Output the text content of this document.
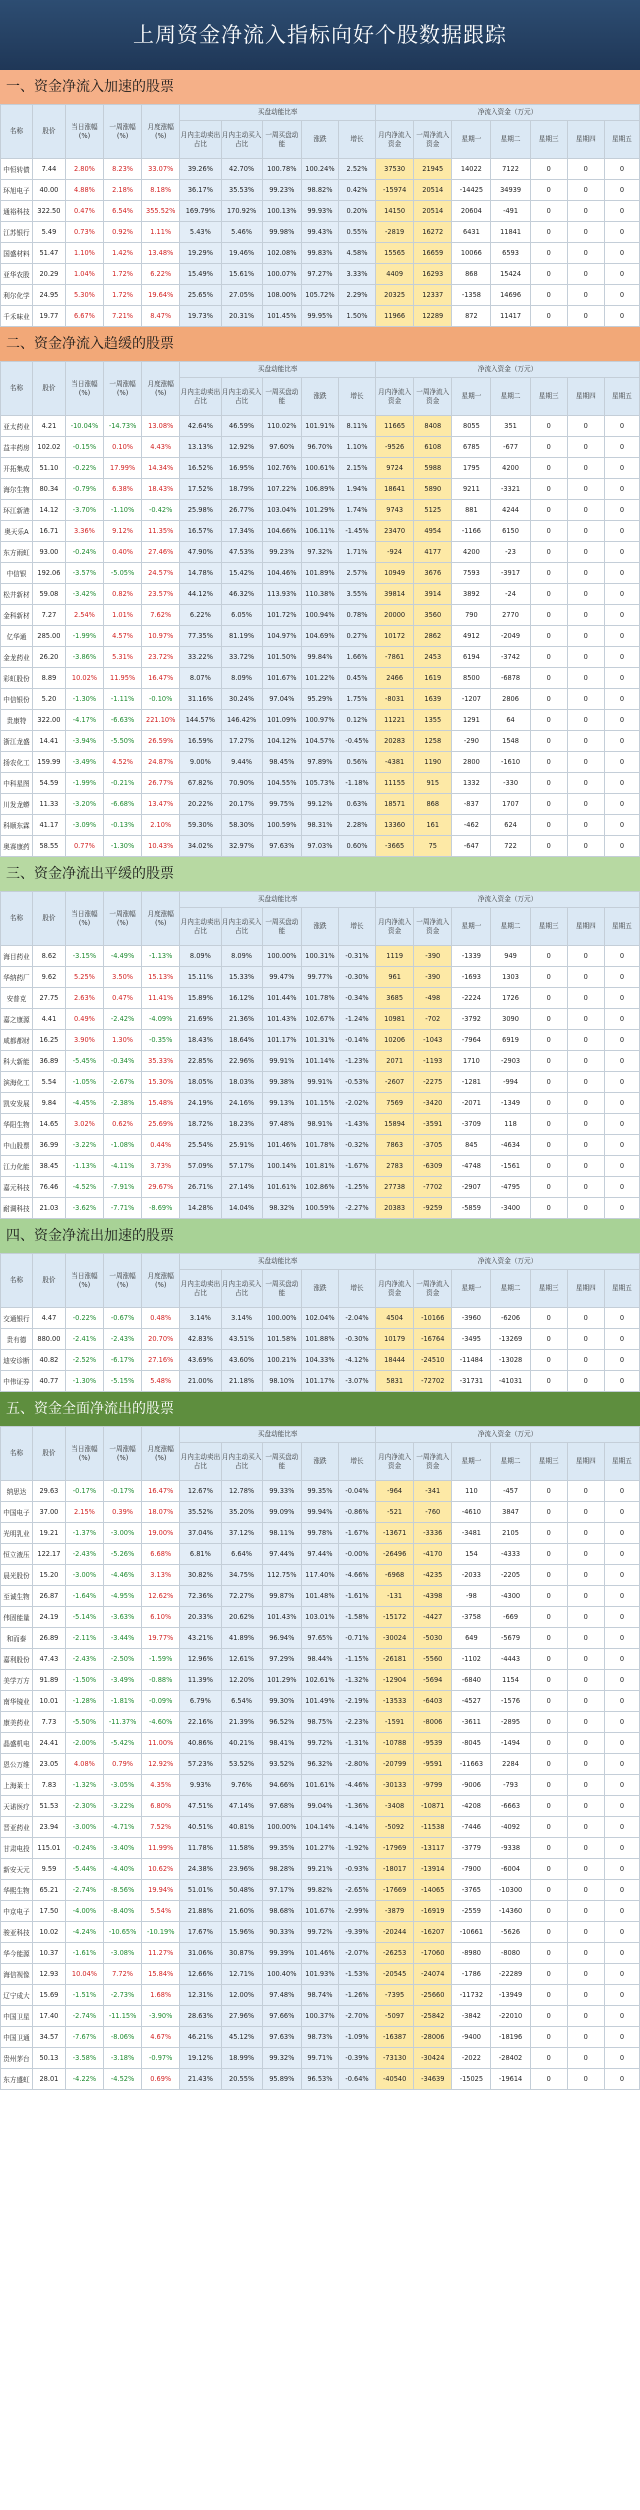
上周资金净流入指标向好个股数据跟踪
一、资金净流入加速的股票
名称	股价	当日涨幅(%)	一周涨幅(%)	月度涨幅(%)	买盘动能比率					净流入资金（万元）						
					月内主动卖出占比	月内主动买入占比	一周买盘动能	涨跌	增长	月内净流入资金	一周净流入资金	星期一	星期二	星期三	星期四	星期五
中恒转债	7.44	2.80%	8.23%	33.07%	39.26%	42.70%	100.78%	100.24%	2.52%	37530	21945	14022	7122	0	0	0
环旭电子	40.00	4.88%	2.18%	8.18%	36.17%	35.53%	99.23%	98.82%	0.42%	-15974	20514	-14425	34939	0	0	0
通裕科技	322.50	0.47%	6.54%	355.52%	169.79%	170.92%	100.13%	99.93%	0.20%	14150	20514	20604	-491	0	0	0
江苏银行	5.49	0.73%	0.92%	1.11%	5.43%	5.46%	99.98%	99.43%	0.55%	-2819	16272	6431	11841	0	0	0
国盛材料	51.47	1.10%	1.42%	13.48%	19.29%	19.46%	102.08%	99.83%	4.58%	15565	16659	10066	6593	0	0	0
亚华农股	20.29	1.04%	1.72%	6.22%	15.49%	15.61%	100.07%	97.27%	3.33%	4409	16293	868	15424	0	0	0
利尔化学	24.95	5.30%	1.72%	19.64%	25.65%	27.05%	108.00%	105.72%	2.29%	20325	12337	-1358	14696	0	0	0
千禾味业	19.77	6.67%	7.21%	8.47%	19.73%	20.31%	101.45%	99.95%	1.50%	11966	12289	872	11417	0	0	0
二、资金净流入趋缓的股票
名称	股价	当日涨幅(%)	一周涨幅(%)	月度涨幅(%)	买盘动能比率					净流入资金（万元）						
					月内主动卖出占比	月内主动买入占比	一周买盘动能	涨跌	增长	月内净流入资金	一周净流入资金	星期一	星期二	星期三	星期四	星期五
亚太药业	4.21	-10.04%	-14.73%	13.08%	42.64%	46.59%	110.02%	101.91%	8.11%	11665	8408	8055	351	0	0	0
益丰药房	102.02	-0.15%	0.10%	4.43%	13.13%	12.92%	97.60%	96.70%	1.10%	-9526	6108	6785	-677	0	0	0
开拓集成	51.10	-0.22%	17.99%	14.34%	16.52%	16.95%	102.76%	100.61%	2.15%	9724	5988	1795	4200	0	0	0
海尔生物	80.34	-0.79%	6.38%	18.43%	17.52%	18.79%	107.22%	106.89%	1.94%	18641	5890	9211	-3321	0	0	0
环江新港	14.12	-3.70%	-1.10%	-0.42%	25.98%	26.77%	103.04%	101.29%	1.74%	9743	5125	881	4244	0	0	0
奥天乐A	16.71	3.36%	9.12%	11.35%	16.57%	17.34%	104.66%	106.11%	-1.45%	23470	4954	-1166	6150	0	0	0
东方雨虹	93.00	-0.24%	0.40%	27.46%	47.90%	47.53%	99.23%	97.32%	1.71%	-924	4177	4200	-23	0	0	0
中信银	192.06	-3.57%	-5.05%	24.57%	14.78%	15.42%	104.46%	101.89%	2.57%	10949	3676	7593	-3917	0	0	0
松井新材	59.08	-3.42%	0.82%	23.57%	44.12%	46.32%	113.93%	110.38%	3.55%	39814	3914	3892	-24	0	0	0
金科新材	7.27	2.54%	1.01%	7.62%	6.22%	6.05%	101.72%	100.94%	0.78%	20000	3560	790	2770	0	0	0
亿华通	285.00	-1.99%	4.57%	10.97%	77.35%	81.19%	104.97%	104.69%	0.27%	10172	2862	4912	-2049	0	0	0
金龙药业	26.20	-3.86%	5.31%	23.72%	33.22%	33.72%	101.50%	99.84%	1.66%	-7861	2453	6194	-3742	0	0	0
彩虹股份	8.89	10.02%	11.95%	16.47%	8.07%	8.09%	101.67%	101.22%	0.45%	2466	1619	8500	-6878	0	0	0
中信银份	5.20	-1.30%	-1.11%	-0.10%	31.16%	30.24%	97.04%	95.29%	1.75%	-8031	1639	-1207	2806	0	0	0
贵康特	322.00	-4.17%	-6.63%	221.10%	144.57%	146.42%	101.09%	100.97%	0.12%	11221	1355	1291	64	0	0	0
浙江龙盛	14.41	-3.94%	-5.50%	26.59%	16.59%	17.27%	104.12%	104.57%	-0.45%	20283	1258	-290	1548	0	0	0
扬农化工	159.99	-3.49%	4.52%	24.87%	9.00%	9.44%	98.45%	97.89%	0.56%	-4381	1190	2800	-1610	0	0	0
中科星图	54.59	-1.99%	-0.21%	26.77%	67.82%	70.90%	104.55%	105.73%	-1.18%	11155	915	1332	-330	0	0	0
川发龙蟒	11.33	-3.20%	-6.68%	13.47%	20.22%	20.17%	99.75%	99.12%	0.63%	18571	868	-837	1707	0	0	0
科顺东霖	41.17	-3.09%	-0.13%	2.10%	59.30%	58.30%	100.59%	98.31%	2.28%	13360	161	-462	624	0	0	0
奥赛康药	58.55	0.77%	-1.30%	10.43%	34.02%	32.97%	97.63%	97.03%	0.60%	-3665	75	-647	722	0	0	0
三、资金净流出平缓的股票
名称	股价	当日涨幅(%)	一周涨幅(%)	月度涨幅(%)	买盘动能比率					净流入资金（万元）						
					月内主动卖出占比	月内主动买入占比	一周买盘动能	涨跌	增长	月内净流入资金	一周净流入资金	星期一	星期二	星期三	星期四	星期五
海目药业	8.62	-3.15%	-4.49%	-1.13%	8.09%	8.09%	100.00%	100.31%	-0.31%	1119	-390	-1339	949	0	0	0
华纳药厂	9.62	5.25%	3.50%	15.13%	15.11%	15.33%	99.47%	99.77%	-0.30%	961	-390	-1693	1303	0	0	0
安普克	27.75	2.63%	0.47%	11.41%	15.89%	16.12%	101.44%	101.78%	-0.34%	3685	-498	-2224	1726	0	0	0
嘉之康源	4.41	0.49%	-2.42%	-4.09%	21.69%	21.36%	101.43%	102.67%	-1.24%	10981	-702	-3792	3090	0	0	0
咸都都财	16.25	3.90%	1.30%	-0.35%	18.43%	18.64%	101.17%	101.31%	-0.14%	10206	-1043	-7964	6919	0	0	0
科大新能	36.89	-5.45%	-0.34%	35.33%	22.85%	22.96%	99.91%	101.14%	-1.23%	2071	-1193	1710	-2903	0	0	0
滨海化工	5.54	-1.05%	-2.67%	15.30%	18.05%	18.03%	99.38%	99.91%	-0.53%	-2607	-2275	-1281	-994	0	0	0
凯安发展	9.84	-4.45%	-2.38%	15.48%	24.19%	24.16%	99.13%	101.15%	-2.02%	7569	-3420	-2071	-1349	0	0	0
华阳生物	14.65	3.02%	0.62%	25.69%	18.72%	18.23%	97.48%	98.91%	-1.43%	15894	-3591	-3709	118	0	0	0
中山股票	36.99	-3.22%	-1.08%	0.44%	25.54%	25.91%	101.46%	101.78%	-0.32%	7863	-3705	845	-4634	0	0	0
江力化能	38.45	-1.13%	-4.11%	3.73%	57.09%	57.17%	100.14%	101.81%	-1.67%	2783	-6309	-4748	-1561	0	0	0
嘉元科技	76.46	-4.52%	-7.91%	29.67%	26.71%	27.14%	101.61%	102.86%	-1.25%	27738	-7702	-2907	-4795	0	0	0
耐调科技	21.03	-3.62%	-7.71%	-8.69%	14.28%	14.04%	98.32%	100.59%	-2.27%	20383	-9259	-5859	-3400	0	0	0
四、资金净流出加速的股票
名称	股价	当日涨幅(%)	一周涨幅(%)	月度涨幅(%)	买盘动能比率					净流入资金（万元）						
					月内主动卖出占比	月内主动买入占比	一周买盘动能	涨跌	增长	月内净流入资金	一周净流入资金	星期一	星期二	星期三	星期四	星期五
交通银行	4.47	-0.22%	-0.67%	0.48%	3.14%	3.14%	100.00%	102.04%	-2.04%	4504	-10166	-3960	-6206	0	0	0
贵有德	880.00	-2.41%	-2.43%	20.70%	42.83%	43.51%	101.58%	101.88%	-0.30%	10179	-16764	-3495	-13269	0	0	0
迪安诊断	40.82	-2.52%	-6.17%	27.16%	43.69%	43.60%	100.21%	104.33%	-4.12%	18444	-24510	-11484	-13028	0	0	0
中伟证券	40.77	-1.30%	-5.15%	5.48%	21.00%	21.18%	98.10%	101.17%	-3.07%	5831	-72702	-31731	-41031	0	0	0
五、资金全面净流出的股票
名称	股价	当日涨幅(%)	一周涨幅(%)	月度涨幅(%)	买盘动能比率					净流入资金（万元）						
					月内主动卖出占比	月内主动买入占比	一周买盘动能	涨跌	增长	月内净流入资金	一周净流入资金	星期一	星期二	星期三	星期四	星期五
纳思达	29.63	-0.17%	-0.17%	16.47%	12.67%	12.78%	99.33%	99.35%	-0.04%	-964	-341	110	-457	0	0	0
中国电子	37.00	2.15%	0.39%	18.07%	35.52%	35.20%	99.09%	99.94%	-0.86%	-521	-760	-4610	3847	0	0	0
光明乳业	19.21	-1.37%	-3.00%	19.00%	37.04%	37.12%	98.11%	99.78%	-1.67%	-13671	-3336	-3481	2105	0	0	0
恒立液压	122.17	-2.43%	-5.26%	6.68%	6.81%	6.64%	97.44%	97.44%	-0.00%	-26496	-4170	154	-4333	0	0	0
晨光股份	15.20	-3.00%	-4.46%	3.13%	30.82%	34.75%	112.75%	117.40%	-4.66%	-6968	-4235	-2033	-2205	0	0	0
至诚生物	26.87	-1.64%	-4.95%	12.62%	72.36%	72.27%	99.87%	101.48%	-1.61%	-131	-4398	-98	-4300	0	0	0
伟固能量	24.19	-5.14%	-3.63%	6.10%	20.33%	20.62%	101.43%	103.01%	-1.58%	-15172	-4427	-3758	-669	0	0	0
和而泰	26.89	-2.11%	-3.44%	19.77%	43.21%	41.89%	96.94%	97.65%	-0.71%	-30024	-5030	649	-5679	0	0	0
嘉利股份	47.43	-2.43%	-2.50%	-1.59%	12.96%	12.61%	97.29%	98.44%	-1.15%	-26181	-5560	-1102	-4443	0	0	0
美学万方	91.89	-1.50%	-3.49%	-0.88%	11.39%	12.20%	101.29%	102.61%	-1.32%	-12904	-5694	-6840	1154	0	0	0
南华镜业	10.01	-1.28%	-1.81%	-0.09%	6.79%	6.54%	99.30%	101.49%	-2.19%	-13533	-6403	-4527	-1576	0	0	0
康美药业	7.73	-5.50%	-11.37%	-4.60%	22.16%	21.39%	96.52%	98.75%	-2.23%	-1591	-8006	-3611	-2895	0	0	0
晶盛机电	24.41	-2.00%	-5.42%	11.00%	40.86%	40.21%	98.41%	99.72%	-1.31%	-10788	-9539	-8045	-1494	0	0	0
恩公万维	23.05	4.08%	0.79%	12.92%	57.23%	53.52%	93.52%	96.32%	-2.80%	-20799	-9591	-11663	2284	0	0	0
上海莱士	7.83	-1.32%	-3.05%	4.35%	9.93%	9.76%	94.66%	101.61%	-4.46%	-30133	-9799	-9006	-793	0	0	0
天诺医疗	51.53	-2.30%	-3.22%	6.80%	47.51%	47.14%	97.68%	99.04%	-1.36%	-3408	-10871	-4208	-6663	0	0	0
晋亚药业	23.94	-3.00%	-4.71%	7.52%	40.51%	40.81%	100.00%	104.14%	-4.14%	-5092	-11538	-7446	-4092	0	0	0
甘肃电投	115.01	-0.24%	-3.40%	11.99%	11.78%	11.58%	99.35%	101.27%	-1.92%	-17969	-13117	-3779	-9338	0	0	0
新安天元	9.59	-5.44%	-4.40%	10.62%	24.38%	23.96%	98.28%	99.21%	-0.93%	-18017	-13914	-7900	-6004	0	0	0
华熙生物	65.21	-2.74%	-8.56%	19.94%	51.01%	50.48%	97.17%	99.82%	-2.65%	-17669	-14065	-3765	-10300	0	0	0
中京电子	17.50	-4.00%	-8.40%	5.54%	21.88%	21.60%	98.68%	101.67%	-2.99%	-3879	-16919	-2559	-14360	0	0	0
骏亚科技	10.02	-4.24%	-10.65%	-10.19%	17.67%	15.96%	90.33%	99.72%	-9.39%	-20244	-16207	-10661	-5626	0	0	0
华今能源	10.37	-1.61%	-3.08%	11.27%	31.06%	30.87%	99.39%	101.46%	-2.07%	-26253	-17060	-8980	-8080	0	0	0
海信视像	12.93	10.04%	7.72%	15.84%	12.66%	12.71%	100.40%	101.93%	-1.53%	-20545	-24074	-1786	-22289	0	0	0
辽宁成大	15.69	-1.51%	-2.73%	1.68%	12.31%	12.00%	97.48%	98.74%	-1.26%	-7395	-25660	-11732	-13949	0	0	0
中国卫星	17.40	-2.74%	-11.15%	-3.90%	28.63%	27.96%	97.66%	100.37%	-2.70%	-5097	-25842	-3842	-22010	0	0	0
中国卫通	34.57	-7.67%	-8.06%	4.67%	46.21%	45.12%	97.63%	98.73%	-1.09%	-16387	-28006	-9400	-18196	0	0	0
贵州茅台	50.13	-3.58%	-3.18%	-0.97%	19.12%	18.99%	99.32%	99.71%	-0.39%	-73130	-30424	-2022	-28402	0	0	0
东方盛虹	28.01	-4.22%	-4.52%	0.69%	21.43%	20.55%	95.89%	96.53%	-0.64%	-40540	-34639	-15025	-19614	0	0	0
